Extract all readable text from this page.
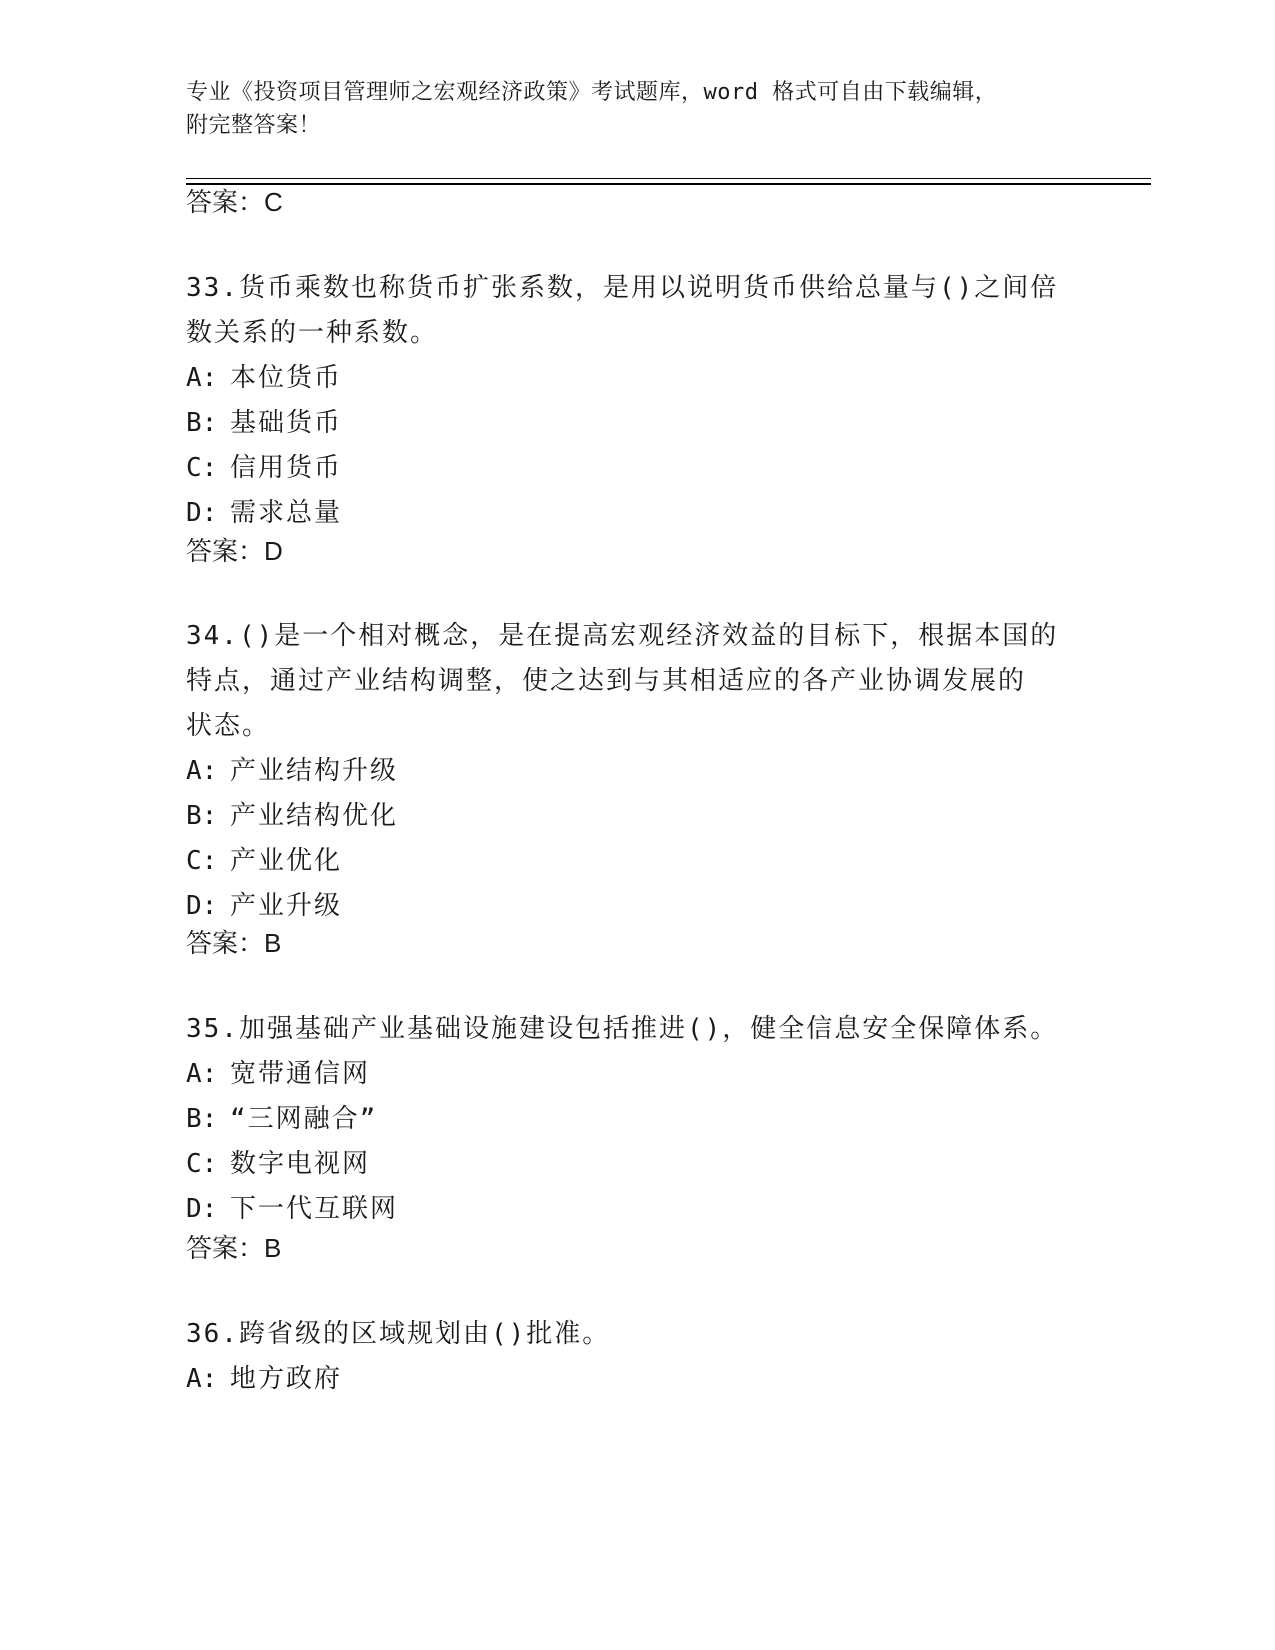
专业《投资项目管理师之宏观经济政策》考试题库，word 格式可自由下载编辑，
附完整答案！
答案：C
33.货币乘数也称货币扩张系数，是用以说明货币供给总量与()之间倍
数关系的一种系数。
A: 本位货币
B: 基础货币
C: 信用货币
D: 需求总量
答案：D
34.()是一个相对概念，是在提高宏观经济效益的目标下，根据本国的
特点，通过产业结构调整，使之达到与其相适应的各产业协调发展的
状态。
A: 产业结构升级
B: 产业结构优化
C: 产业优化
D: 产业升级
答案：B
35.加强基础产业基础设施建设包括推进()，健全信息安全保障体系。
A: 宽带通信网
B: “三网融合”
C: 数字电视网
D: 下一代互联网
答案：B
36.跨省级的区域规划由()批准。
A: 地方政府
